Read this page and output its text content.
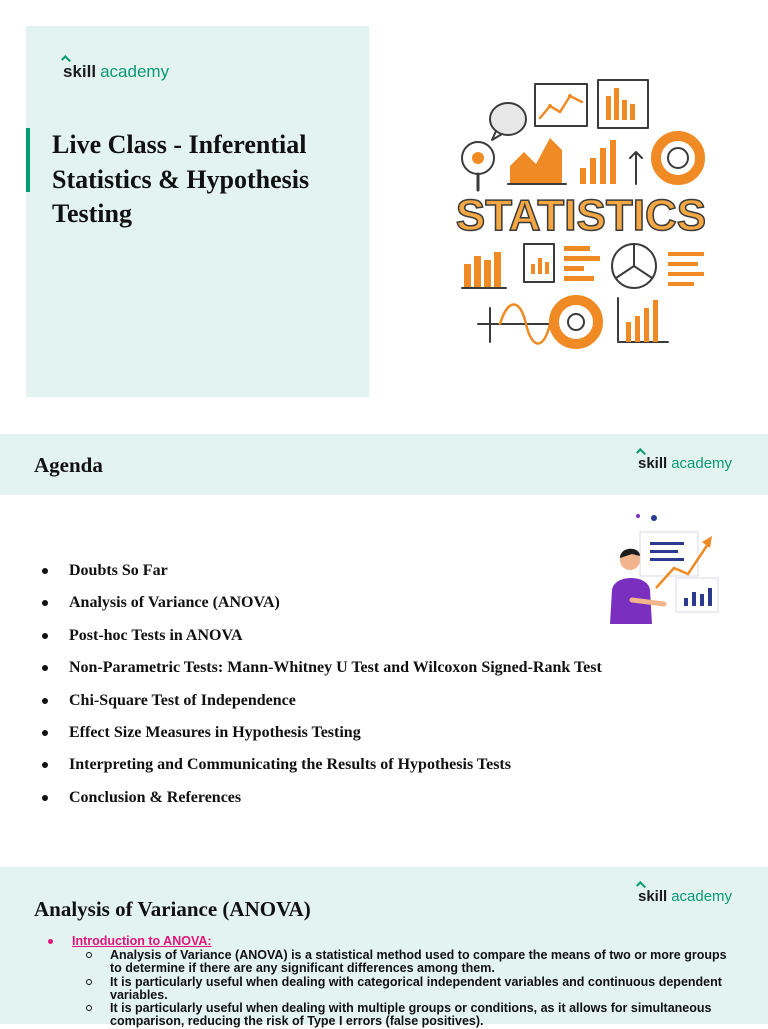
skill academy
Live Class - Inferential Statistics & Hypothesis Testing	STATISTICS
Agenda	skill academy
Doubts So Far
Analysis of Variance (ANOVA)
Post-hoc Tests in ANOVA
Non-Parametric Tests: Mann-Whitney U Test and Wilcoxon Signed-Rank Test
Chi-Square Test of Independence
Effect Size Measures in Hypothesis Testing
Interpreting and Communicating the Results of Hypothesis Tests
Conclusion & References
Analysis of Variance (ANOVA)
skill academy
Introduction to ANOVA:
Analysis of Variance (ANOVA) is a statistical method used to compare the means of two or more groups to determine if there are any significant differences among them.
It is particularly useful when dealing with categorical independent variables and continuous dependent variables.
It is particularly useful when dealing with multiple groups or conditions, as it allows for simultaneous comparison, reducing the risk of Type I errors (false positives).
